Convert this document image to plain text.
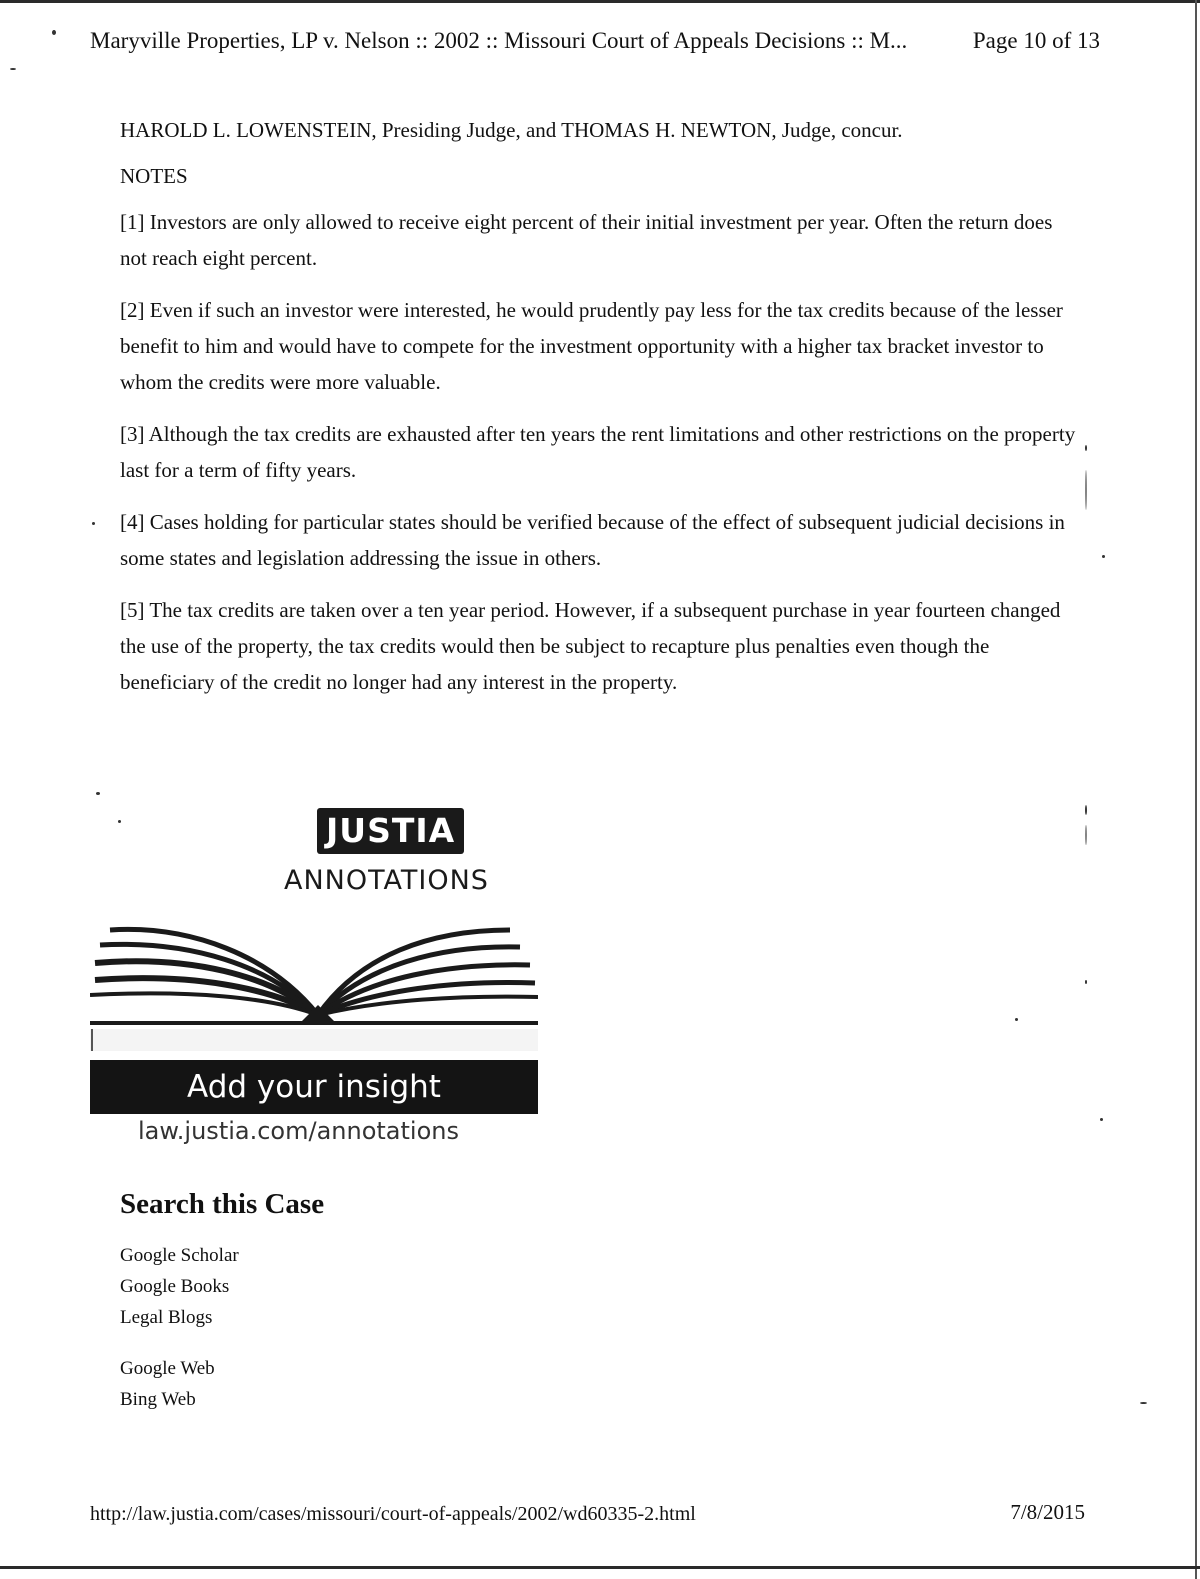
Maryville Properties, LP v. Nelson :: 2002 :: Missouri Court of Appeals Decisions :: M...	Page 10 of 13

HAROLD L. LOWENSTEIN, Presiding Judge, and THOMAS H. NEWTON, Judge, concur.

NOTES

[1] Investors are only allowed to receive eight percent of their initial investment per year. Often the return does not reach eight percent.

[2] Even if such an investor were interested, he would prudently pay less for the tax credits because of the lesser benefit to him and would have to compete for the investment opportunity with a higher tax bracket investor to whom the credits were more valuable.

[3] Although the tax credits are exhausted after ten years the rent limitations and other restrictions on the property last for a term of fifty years.

[4] Cases holding for particular states should be verified because of the effect of subsequent judicial decisions in some states and legislation addressing the issue in others.

[5] The tax credits are taken over a ten year period. However, if a subsequent purchase in year fourteen changed the use of the property, the tax credits would then be subject to recapture plus penalties even though the beneficiary of the credit no longer had any interest in the property.

JUSTIA
ANNOTATIONS
Add your insight
law.justia.com/annotations
Search this Case
Google Scholar
Google Books
Legal Blogs
Google Web
Bing Web
http://law.justia.com/cases/missouri/court-of-appeals/2002/wd60335-2.html	7/8/2015
